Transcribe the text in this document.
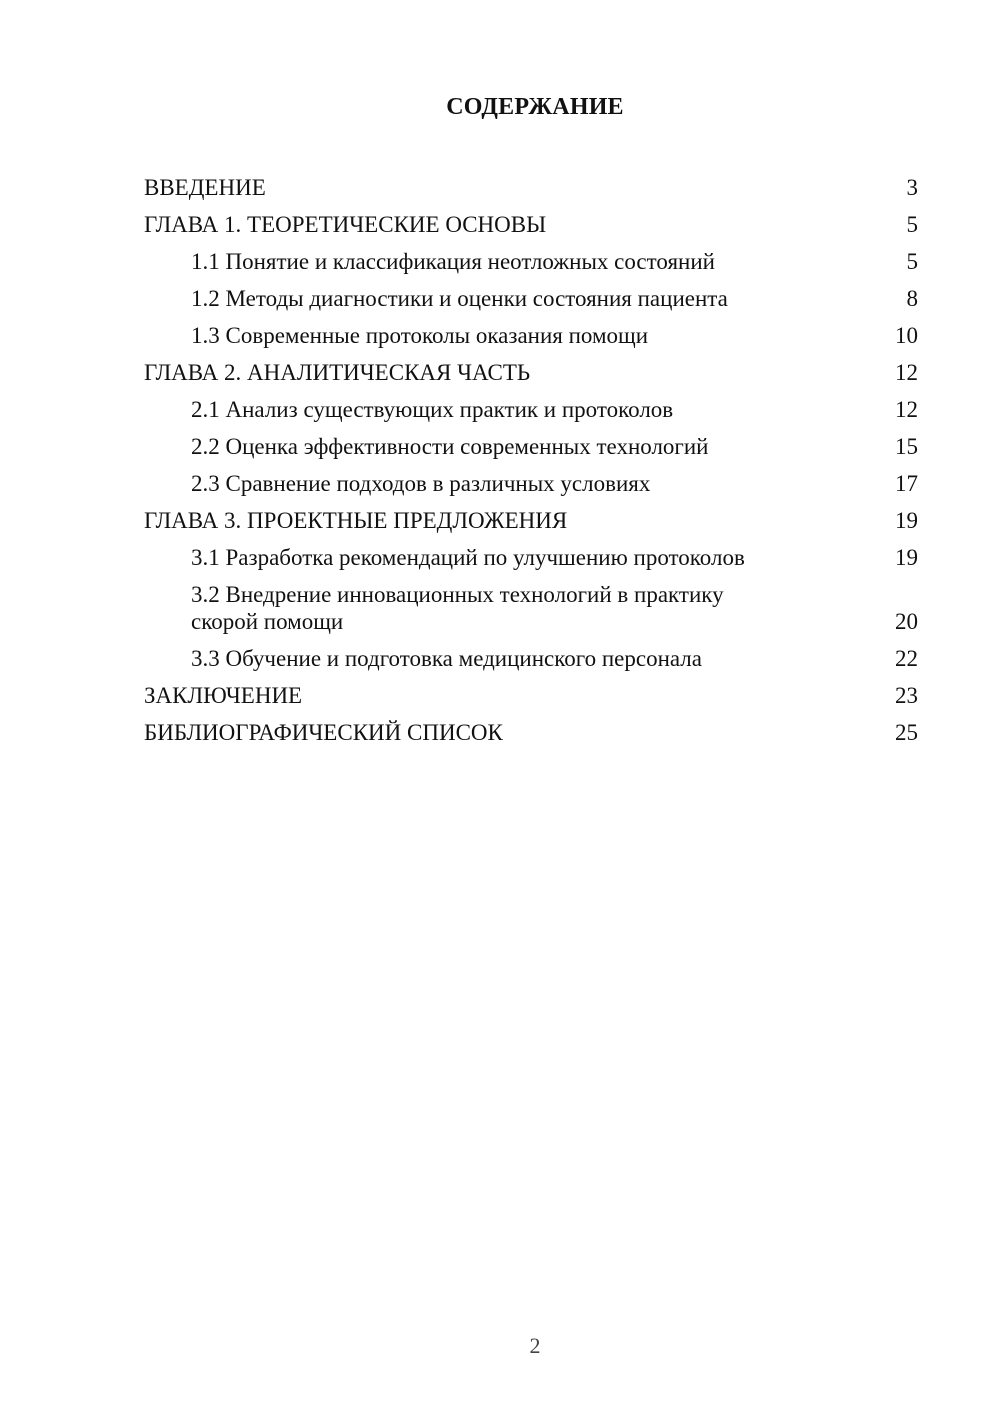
СОДЕРЖАНИЕ
ВВЕДЕНИЕ	3
ГЛАВА 1. ТЕОРЕТИЧЕСКИЕ ОСНОВЫ	5
1.1 Понятие и классификация неотложных состояний	5
1.2 Методы диагностики и оценки состояния пациента	8
1.3 Современные протоколы оказания помощи	10
ГЛАВА 2. АНАЛИТИЧЕСКАЯ ЧАСТЬ	12
2.1 Анализ существующих практик и протоколов	12
2.2 Оценка эффективности современных технологий	15
2.3 Сравнение подходов в различных условиях	17
ГЛАВА 3. ПРОЕКТНЫЕ ПРЕДЛОЖЕНИЯ	19
3.1 Разработка рекомендаций по улучшению протоколов	19
3.2 Внедрение инновационных технологий в практику скорой помощи	20
3.3 Обучение и подготовка медицинского персонала	22
ЗАКЛЮЧЕНИЕ	23
БИБЛИОГРАФИЧЕСКИЙ СПИСОК	25
2
